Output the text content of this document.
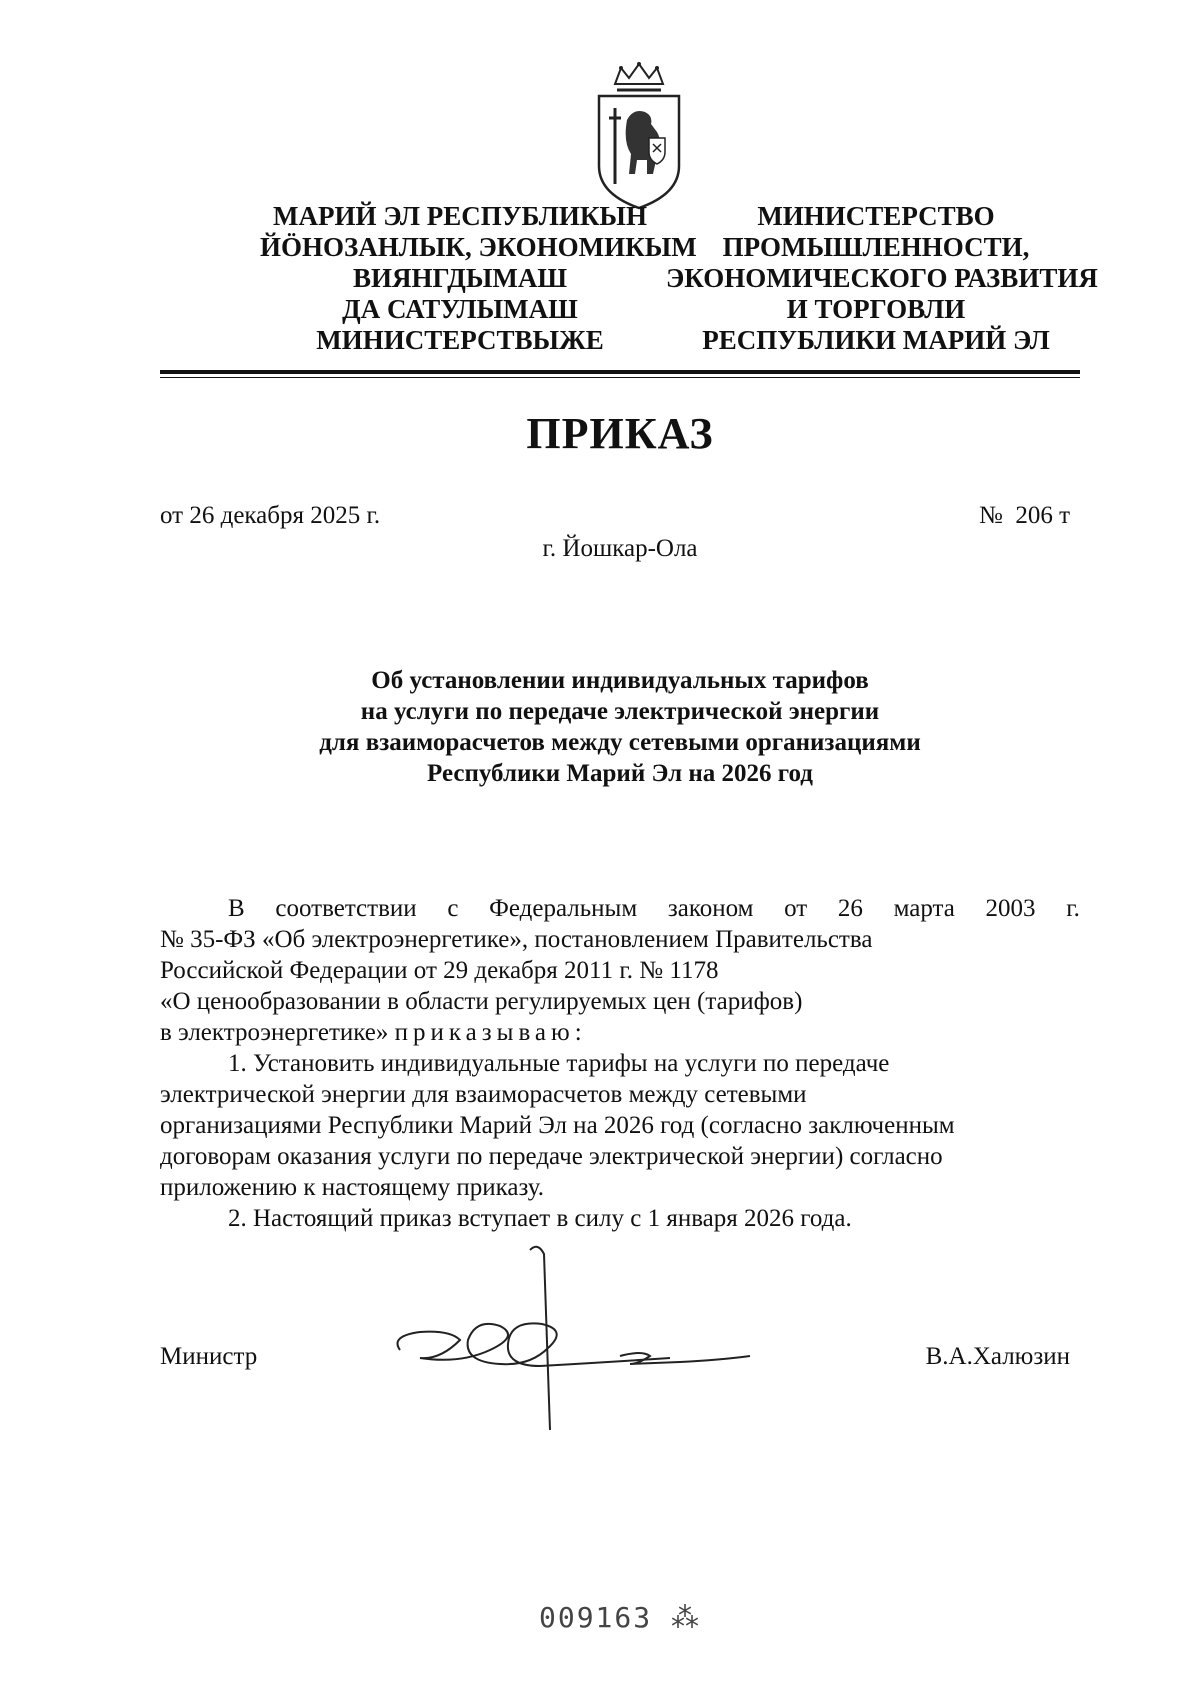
МАРИЙ ЭЛ РЕСПУБЛИКЫН
ЙÖНОЗАНЛЫК, ЭКОНОМИКЫМ
ВИЯНГДЫМАШ
ДА САТУЛЫМАШ
МИНИСТЕРСТВЫЖЕ
МИНИСТЕРСТВО
ПРОМЫШЛЕННОСТИ,
ЭКОНОМИЧЕСКОГО РАЗВИТИЯ
И ТОРГОВЛИ
РЕСПУБЛИКИ МАРИЙ ЭЛ
ПРИКАЗ
от 26 декабря 2025 г.	№  206 т
г. Йошкар-Ола
Об установлении индивидуальных тарифов
на услуги по передаче электрической энергии
для взаиморасчетов между сетевыми организациями
Республики Марий Эл на 2026 год
В соответствии с Федеральным законом от 26 марта 2003 г.
№ 35-ФЗ «Об электроэнергетике», постановлением Правительства
Российской Федерации от 29 декабря 2011 г. № 1178
«О ценообразовании в области регулируемых цен (тарифов)
в электроэнергетике» приказываю:
1. Установить индивидуальные тарифы на услуги по передаче
электрической энергии для взаиморасчетов между сетевыми
организациями Республики Марий Эл на 2026 год (согласно заключенным
договорам оказания услуги по передаче электрической энергии) согласно
приложению к настоящему приказу.
2. Настоящий приказ вступает в силу с 1 января 2026 года.
Министр	В.А.Халюзин
009163 ⁂
